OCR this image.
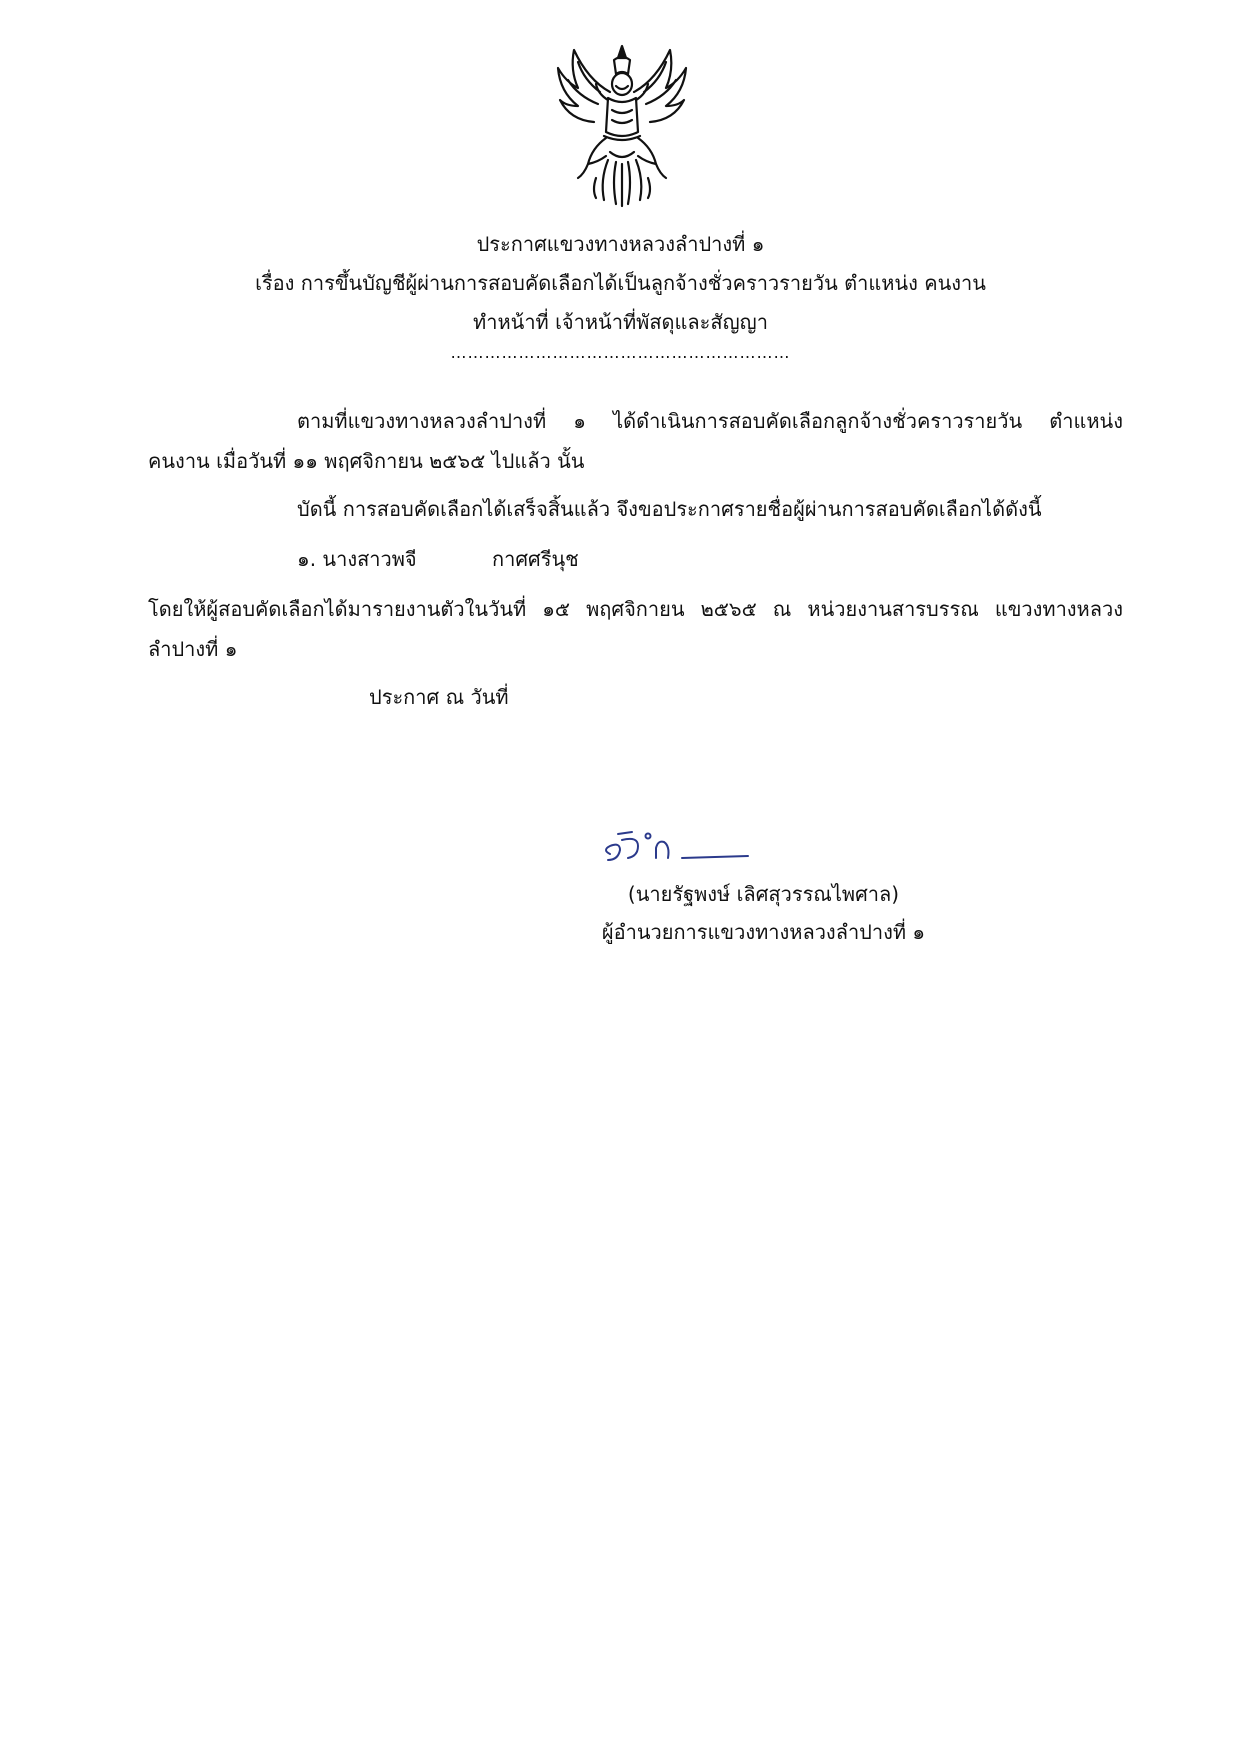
ประกาศแขวงทางหลวงลำปางที่ ๑
เรื่อง การขึ้นบัญชีผู้ผ่านการสอบคัดเลือกได้เป็นลูกจ้างชั่วคราวรายวัน ตำแหน่ง คนงาน
ทำหน้าที่ เจ้าหน้าที่พัสดุและสัญญา
……………………………………………………
ตามที่แขวงทางหลวงลำปางที่ ๑ ได้ดำเนินการสอบคัดเลือกลูกจ้างชั่วคราวรายวัน ตำแหน่ง
คนงาน เมื่อวันที่ ๑๑ พฤศจิกายน ๒๕๖๕ ไปแล้ว นั้น
บัดนี้ การสอบคัดเลือกได้เสร็จสิ้นแล้ว จึงขอประกาศรายชื่อผู้ผ่านการสอบคัดเลือกได้ดังนี้
๑. นางสาวพจี	กาศศรีนุช
โดยให้ผู้สอบคัดเลือกได้มารายงานตัวในวันที่ ๑๕ พฤศจิกายน ๒๕๖๕ ณ หน่วยงานสารบรรณ แขวงทางหลวง
ลำปางที่ ๑
ประกาศ ณ วันที่
(นายรัฐพงษ์ เลิศสุวรรณไพศาล)
ผู้อำนวยการแขวงทางหลวงลำปางที่ ๑
